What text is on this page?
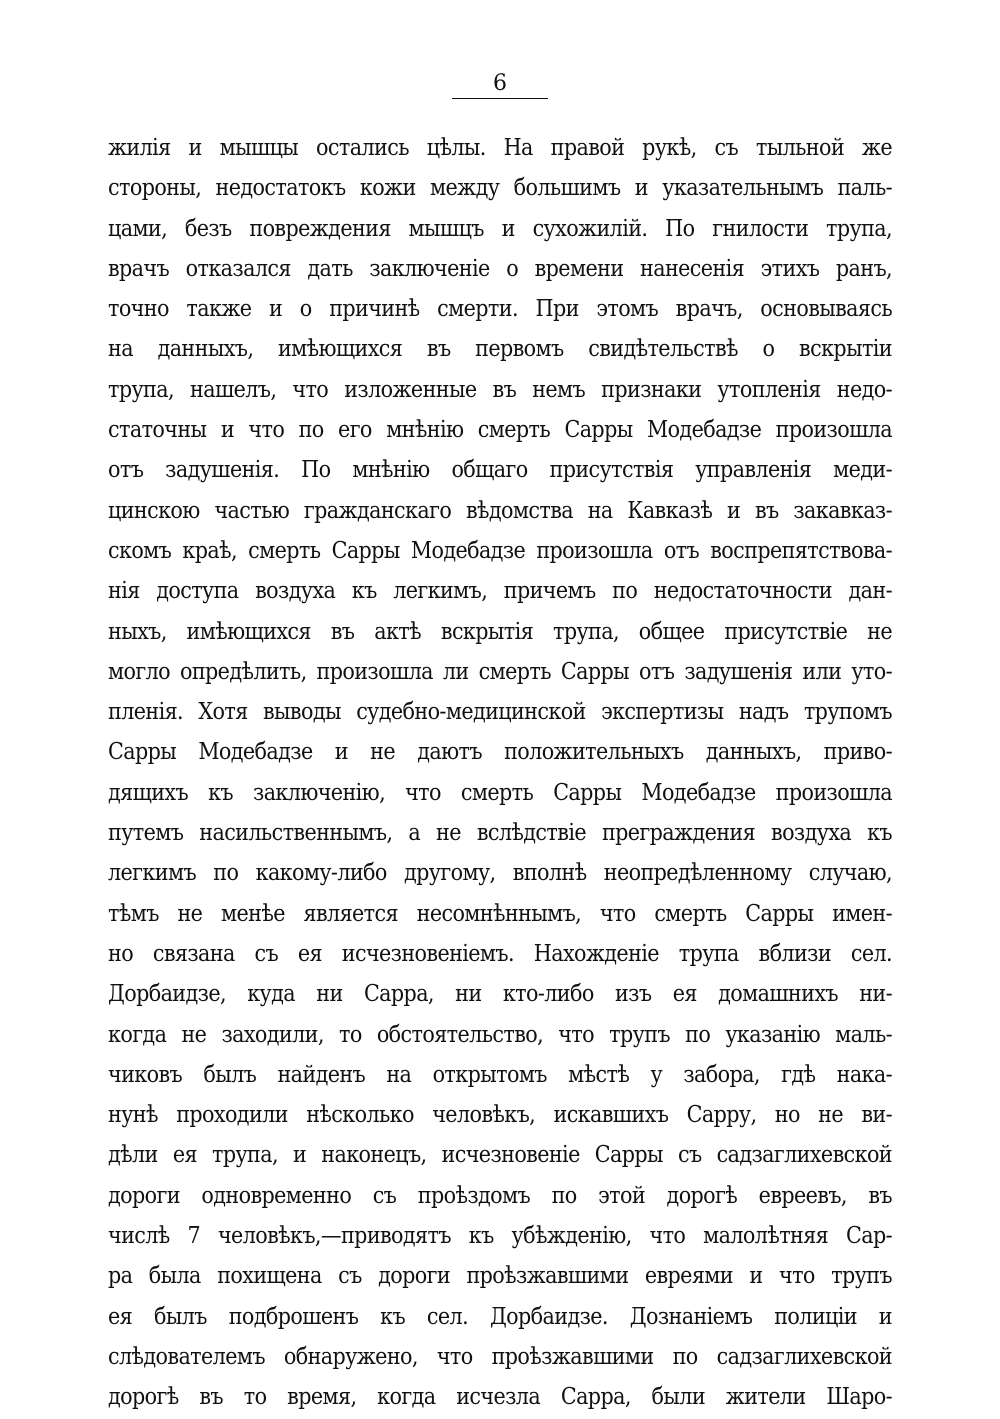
6
жилія и мышцы остались цѣлы. На правой рукѣ, съ тыльной же
стороны, недостатокъ кожи между большимъ и указательнымъ паль-
цами, безъ повреждения мышцъ и сухожилій. По гнилости трупа,
врачъ отказался дать заключеніе о времени нанесенія этихъ ранъ,
точно также и о причинѣ смерти. При этомъ врачъ, основываясь
на данныхъ, имѣющихся въ первомъ свидѣтельствѣ о вскрытіи
трупа, нашелъ, что изложенные въ немъ признаки утопленія недо-
статочны и что по его мнѣнію смерть Сарры Модебадзе произошла
отъ задушенія. По мнѣнію общаго присутствія управленія меди-
цинскою частью гражданскаго вѣдомства на Кавказѣ и въ закавказ-
скомъ краѣ, смерть Сарры Модебадзе произошла отъ воспрепятствова-
нія доступа воздуха къ легкимъ, причемъ по недостаточности дан-
ныхъ, имѣющихся въ актѣ вскрытія трупа, общее присутствіе не
могло опредѣлить, произошла ли смерть Сарры отъ задушенія или уто-
пленія. Хотя выводы судебно-медицинской экспертизы надъ трупомъ
Сарры Модебадзе и не даютъ положительныхъ данныхъ, приво-
дящихъ къ заключенію, что смерть Сарры Модебадзе произошла
путемъ насильственнымъ, а не вслѣдствіе преграждения воздуха къ
легкимъ по какому-либо другому, вполнѣ неопредѣленному случаю,
тѣмъ не менѣе является несомнѣннымъ, что смерть Сарры имен-
но связана съ ея исчезновеніемъ. Нахожденіе трупа вблизи сел.
Дорбаидзе, куда ни Сарра, ни кто-либо изъ ея домашнихъ ни-
когда не заходили, то обстоятельство, что трупъ по указанію маль-
чиковъ былъ найденъ на открытомъ мѣстѣ у забора, гдѣ нака-
нунѣ проходили нѣсколько человѣкъ, искавшихъ Сарру, но не ви-
дѣли ея трупа, и наконецъ, исчезновеніе Сарры съ садзаглихевской
дороги одновременно съ проѣздомъ по этой дорогѣ евреевъ, въ
числѣ 7 человѣкъ,—приводятъ къ убѣжденію, что малолѣтняя Сар-
ра была похищена съ дороги проѣзжавшими евреями и что трупъ
ея былъ подброшенъ къ сел. Дорбаидзе. Дознаніемъ полиціи и
слѣдователемъ обнаружено, что проѣзжавшими по садзаглихевской
дорогѣ въ то время, когда исчезла Сарра, были жители Шаро-
